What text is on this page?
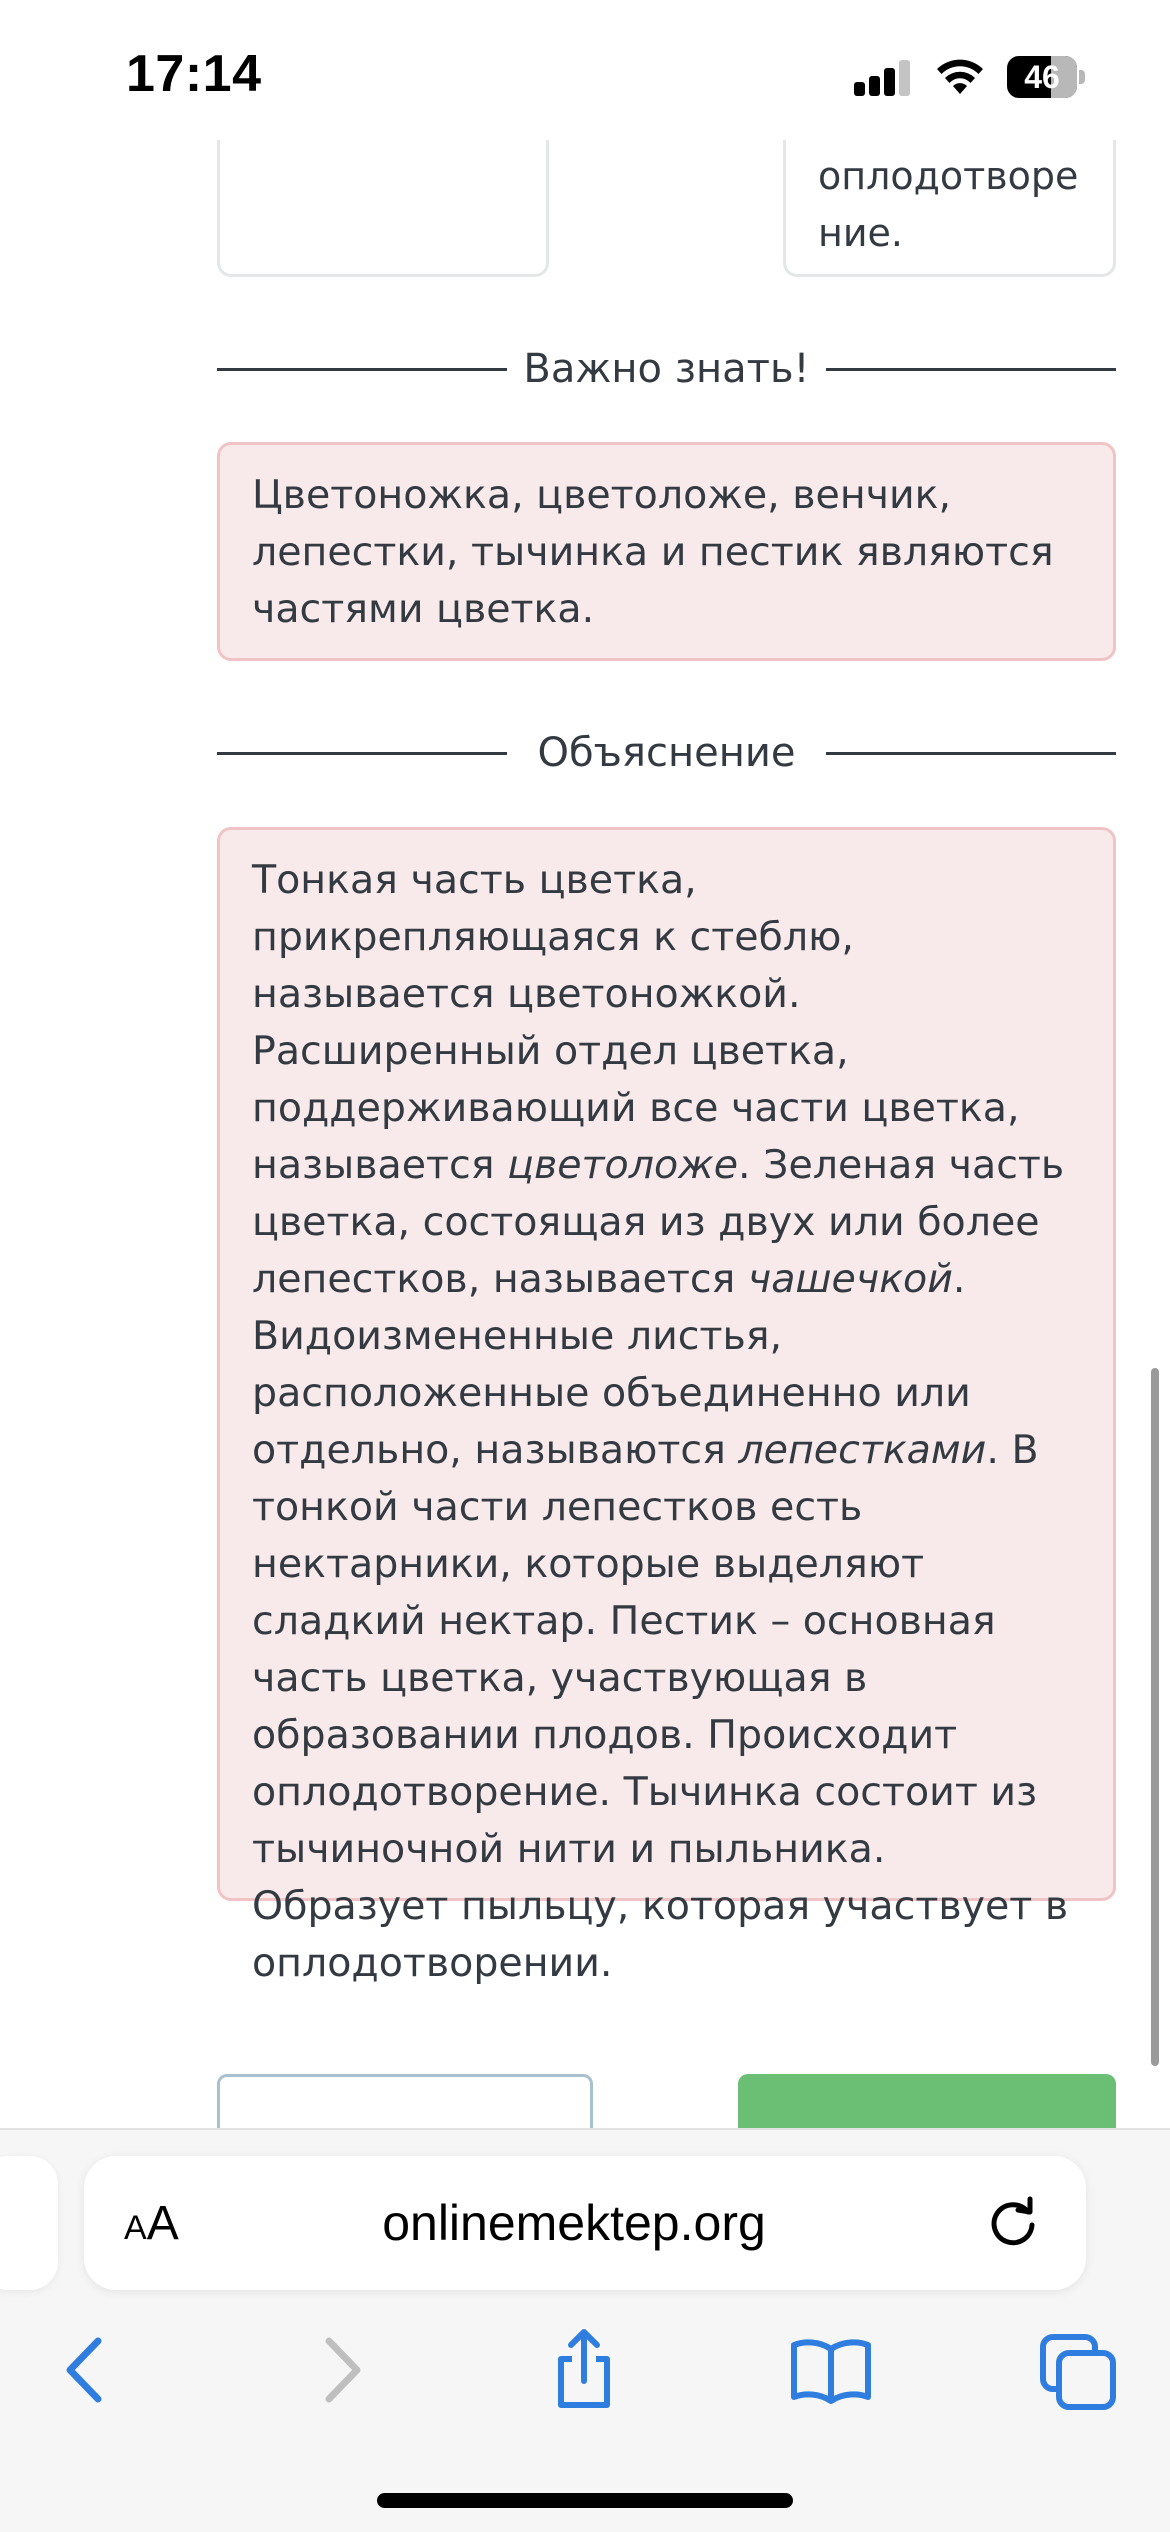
17:14	46
оплодотворение.
Важно знать!

Цветоножка, цветоложе, венчик, лепестки, тычинка и пестик являются частями цветка.

Объяснение

Тонкая часть цветка, прикрепляющаяся к стеблю, называется цветоножкой. Расширенный отдел цветка, поддерживающий все части цветка, называется цветоложе. Зеленая часть цветка, состоящая из двух или более лепестков, называется чашечкой. Видоизмененные листья, расположенные объединенно или отдельно, называются лепестками. В тонкой части лепестков есть нектарники, которые выделяют сладкий нектар. Пестик – основная часть цветка, участвующая в образовании плодов. Происходит оплодотворение. Тычинка состоит из тычиночной нити и пыльника. Образует пыльцу, которая участвует в оплодотворении.

AA	onlinemektep.org
